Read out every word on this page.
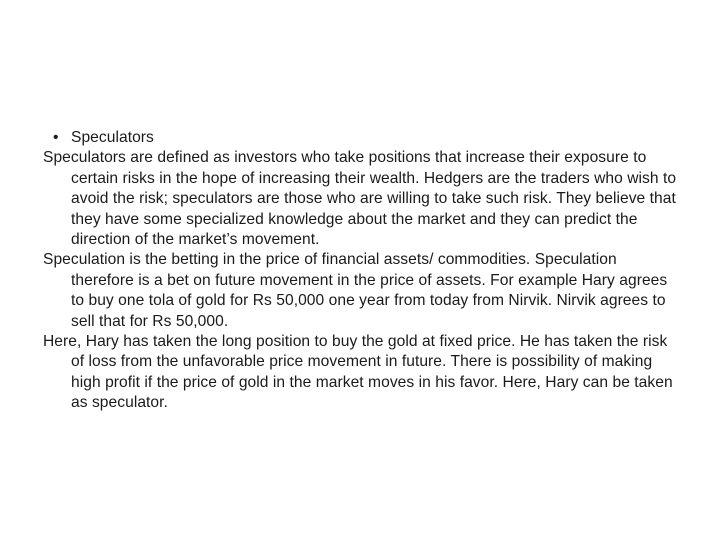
• Speculators

Speculators are defined as investors who take positions that increase their exposure to certain risks in the hope of increasing their wealth. Hedgers are the traders who wish to avoid the risk; speculators are those who are willing to take such risk. They believe that they have some specialized knowledge about the market and they can predict the direction of the market’s movement.

Speculation is the betting in the price of financial assets/ commodities. Speculation therefore is a bet on future movement in the price of assets. For example Hary agrees to buy one tola of gold for Rs 50,000 one year from today from Nirvik. Nirvik agrees to sell that for Rs 50,000.

Here, Hary has taken the long position to buy the gold at fixed price. He has taken the risk of loss from the unfavorable price movement in future. There is possibility of making high profit if the price of gold in the market moves in his favor. Here, Hary can be taken as speculator.
